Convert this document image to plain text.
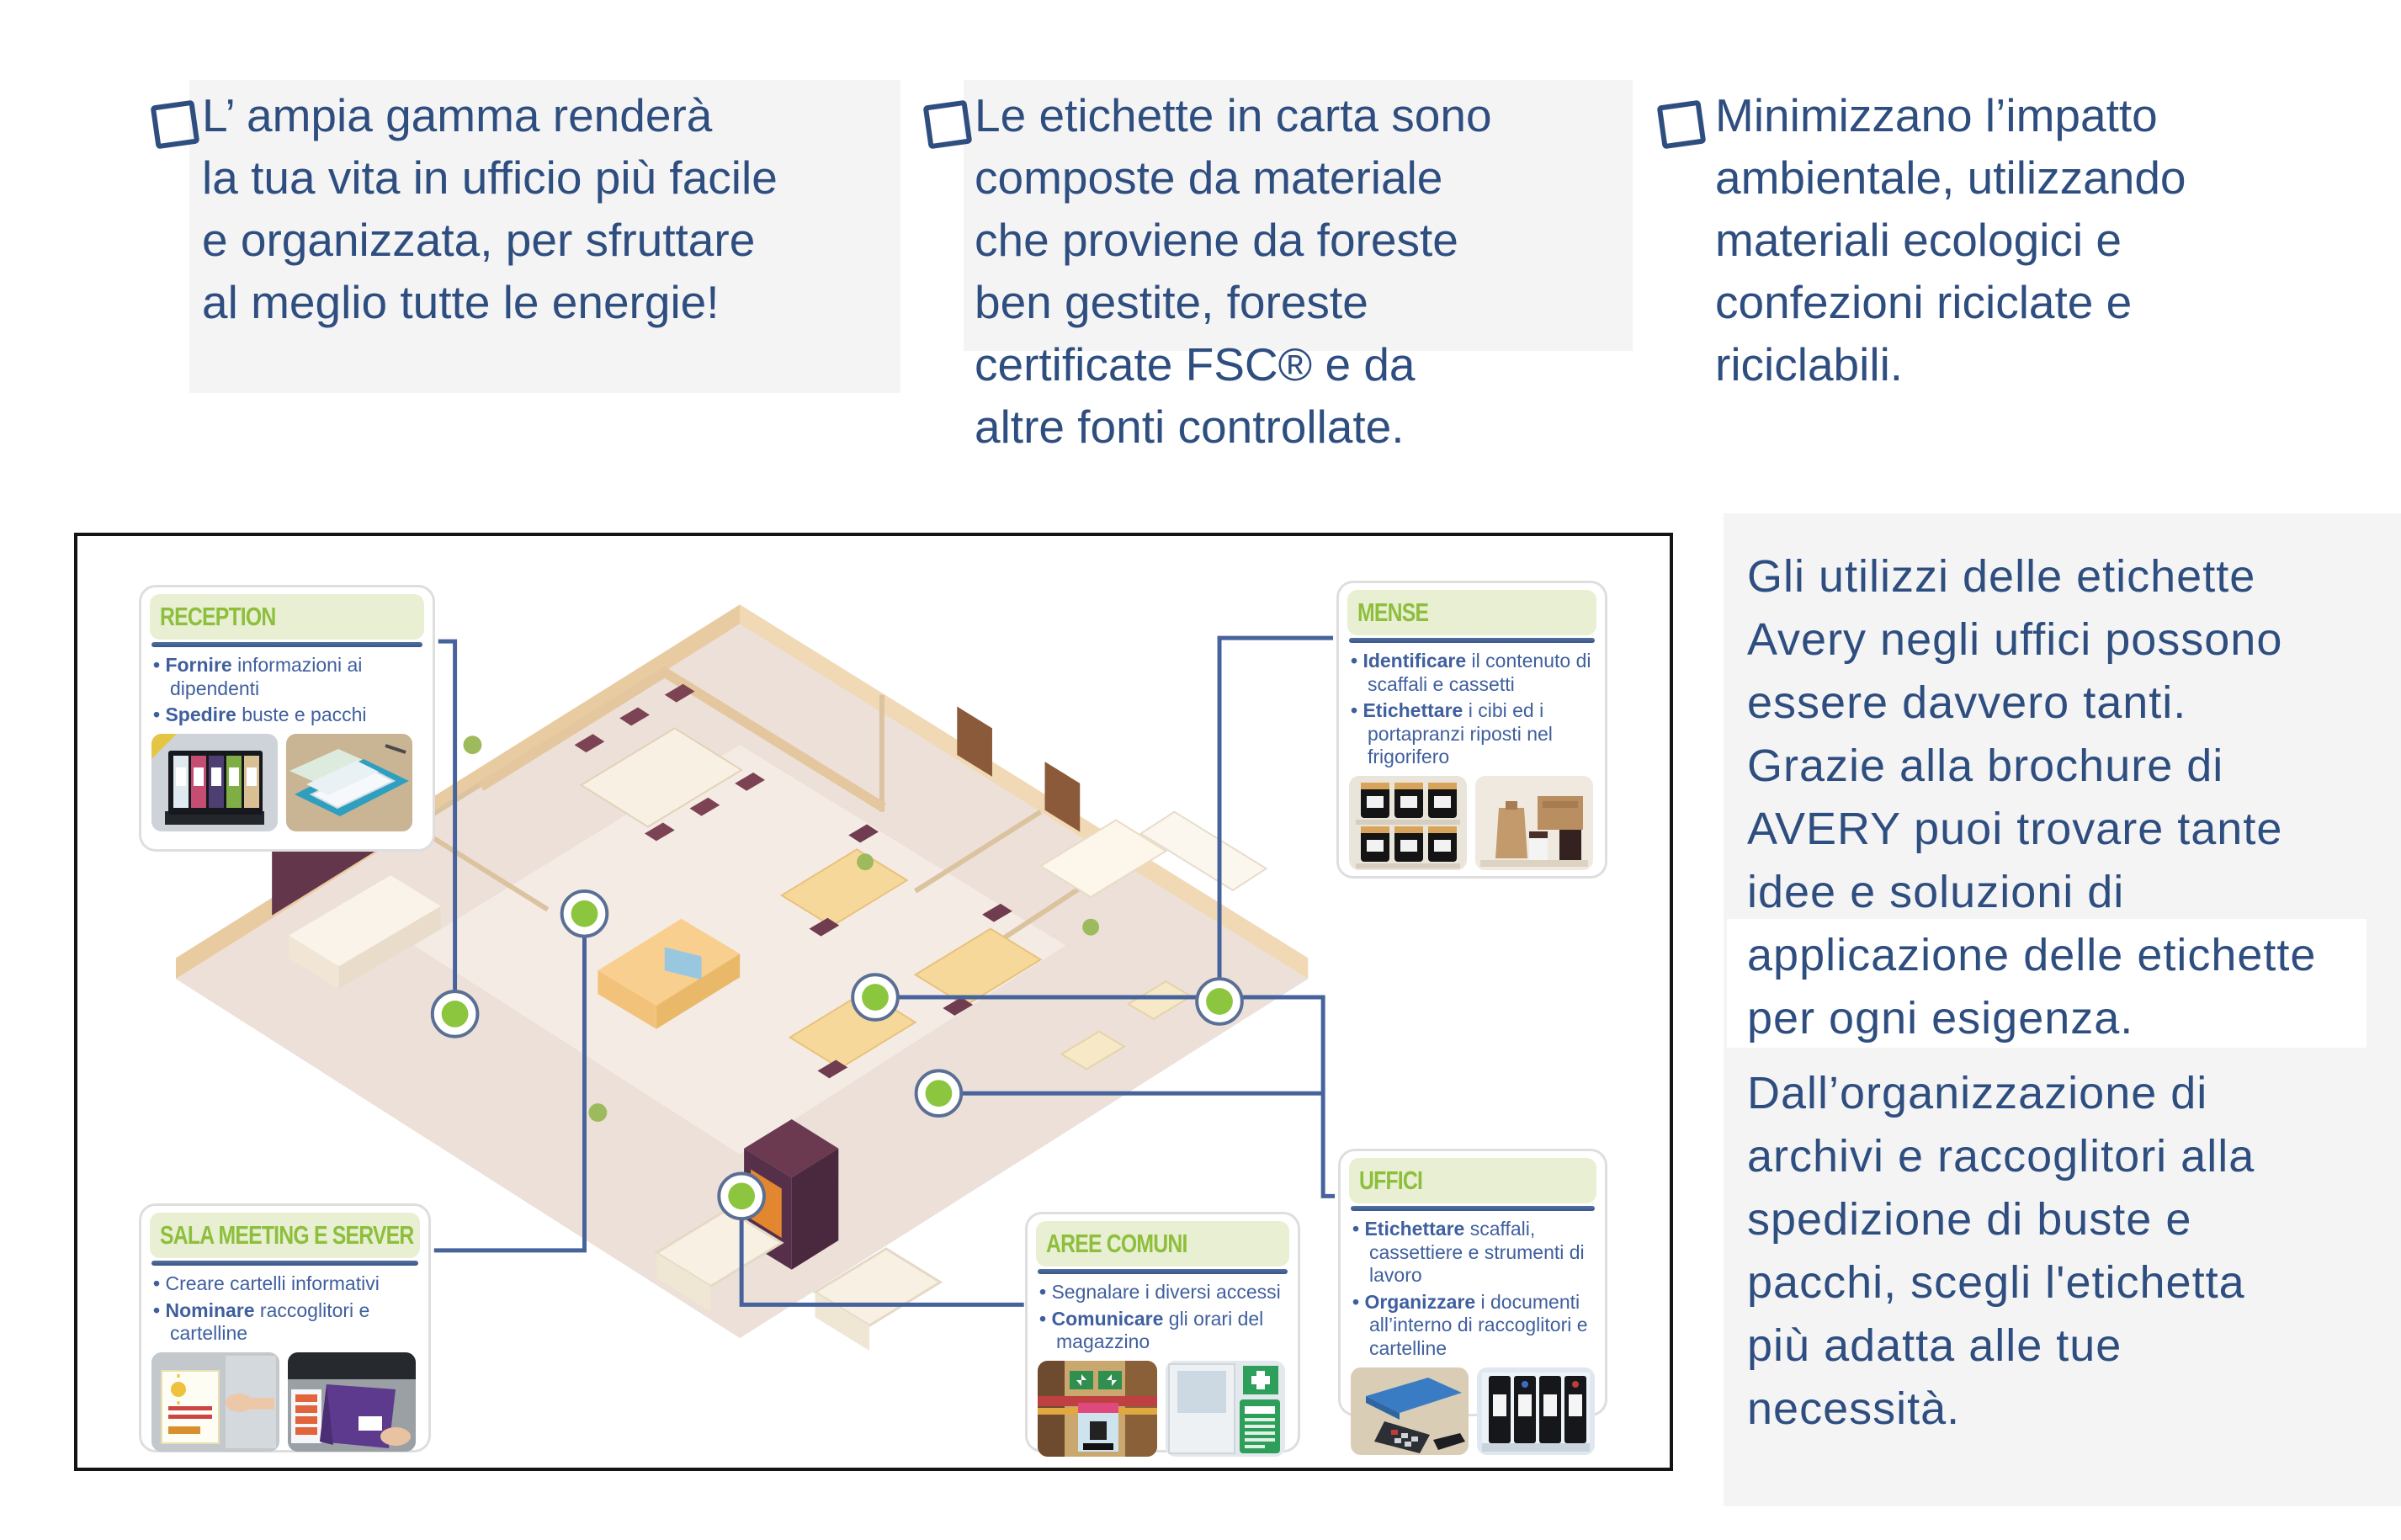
L’ ampia gamma renderà
la tua vita in ufficio più facile
e organizzata, per sfruttare
al meglio tutte le energie!
Le etichette in carta sono
composte da materiale
che proviene da foreste
ben gestite, foreste
certificate FSC® e da
altre fonti controllate.
Minimizzano l’impatto
ambientale, utilizzando
materiali ecologici e
confezioni riciclate e
riciclabili.
Gli utilizzi delle etichette
Avery negli uffici possono
essere davvero tanti.
Grazie alla brochure di
AVERY puoi trovare tante
idee e soluzioni di
applicazione delle etichette
per ogni esigenza.
Dall’organizzazione di
archivi e raccoglitori alla
spedizione di buste e
pacchi, scegli l'etichetta
più adatta alle tue
necessità.
RECEPTION
• Fornire informazioni ai dipendenti
• Spedire buste e pacchi
MENSE
• Identificare il contenuto di scaffali e cassetti
• Etichettare i cibi ed i portapranzi riposti nel frigorifero
SALA MEETING E SERVER
• Creare cartelli informativi
• Nominare raccoglitori e cartelline
AREE COMUNI
• Segnalare i diversi accessi
• Comunicare gli orari del magazzino
UFFICI
• Etichettare scaffali, cassettiere e strumenti di lavoro
• Organizzare i documenti all’interno di raccoglitori e cartelline
